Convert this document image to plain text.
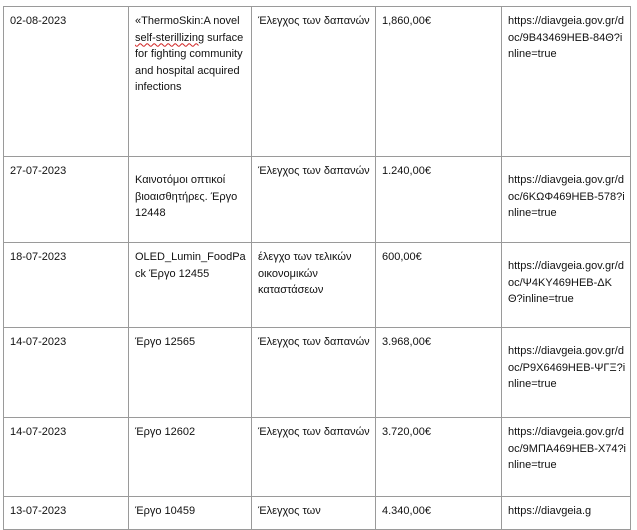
02-08-2023	«ThermoSkin:A novel self-sterillizing surface for fighting community and hospital acquired infections	Έλεγχος των δαπανών	1,860,00€	https://diavgeia.gov.gr/doc/9Β43469ΗΕΒ-84Θ?inline=true

27-07-2023	Καινοτόμοι οπτικοί βιοαισθητήρες. Έργο 12448	Έλεγχος των δαπανών	1.240,00€	https://diavgeia.gov.gr/doc/6ΚΩΦ469ΗΕΒ-578?inline=true

18-07-2023	OLED_Lumin_FoodPack Έργο 12455	έλεγχο των τελικών οικονομικών καταστάσεων	600,00€	https://diavgeia.gov.gr/doc/Ψ4ΚΥ469ΗΕΒ-ΔΚΘ?inline=true

14-07-2023	Έργο 12565	Έλεγχος των δαπανών	3.968,00€	https://diavgeia.gov.gr/doc/Ρ9Χ6469ΗΕΒ-ΨΓΞ?inline=true

14-07-2023	Έργο 12602	Έλεγχος των δαπανών	3.720,00€	https://diavgeia.gov.gr/doc/9ΜΠΑ469ΗΕΒ-Χ74?inline=true

13-07-2023	Έργο 10459	Έλεγχος των	4.340,00€	https://diavgeia.g
